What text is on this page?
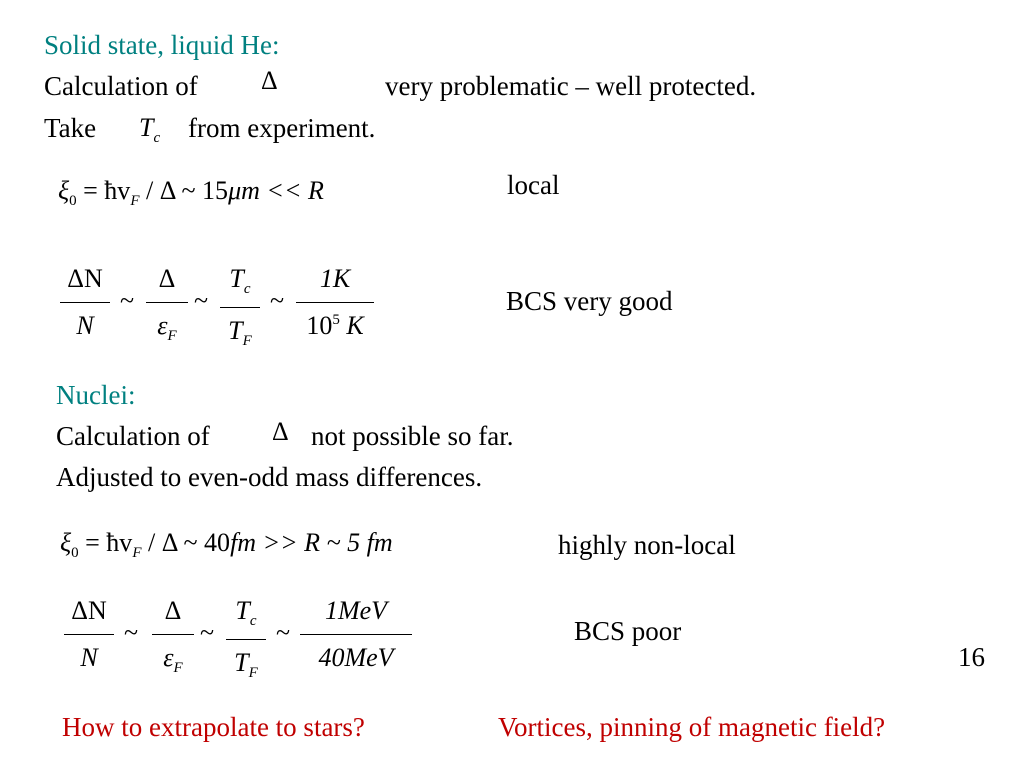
Solid state, liquid He:
Calculation of Δ	very problematic – well protected.
Take $T_c$ from experiment.
$\xi_0$ = $ħv_F$ / Δ ~ 15μm << R	local
ΔN
N
~
Δ
$\varepsilon_F$
~
$T_c$
$T_F$
~
1K
$10^5$ K
BCS very good
Nuclei:
Calculation of Δ not possible so far.
Adjusted to even-odd mass differences.
$\xi_0$ = $ħv_F$ / Δ ~ 40fm >> R ~ 5 fm	highly non-local
ΔN
N
~
Δ
$\varepsilon_F$
~
$T_c$
$T_F$
~
1MeV
40MeV
BCS poor
16
How to extrapolate to stars?	Vortices, pinning of magnetic field?
